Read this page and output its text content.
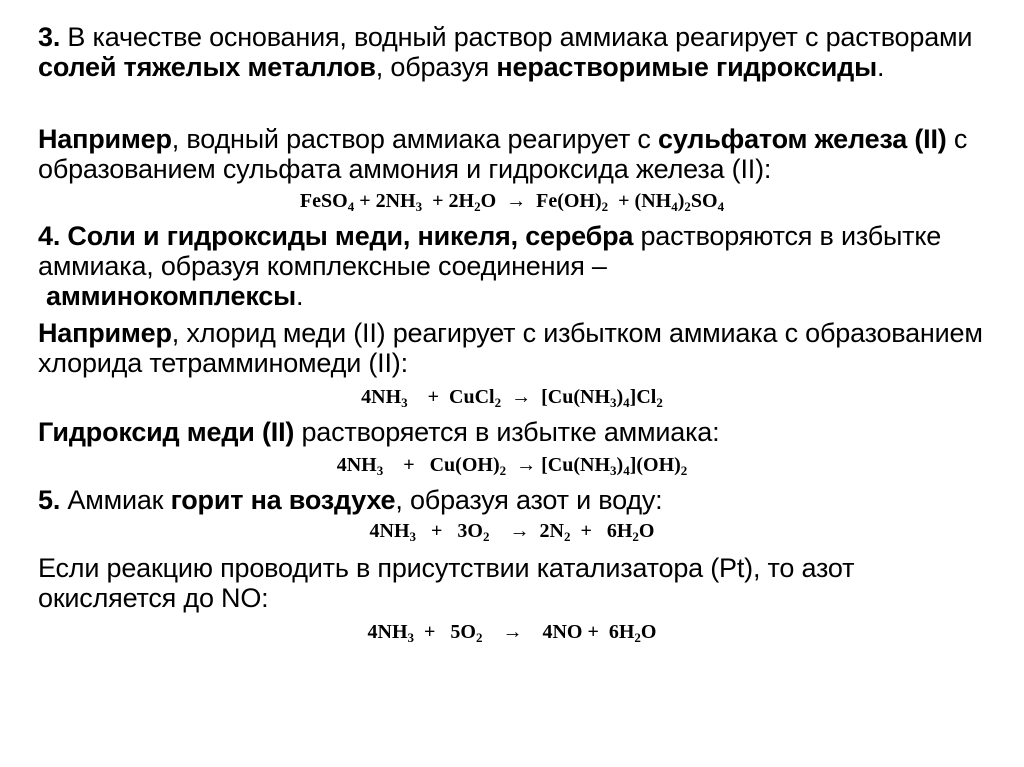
3. В качестве основания, водный раствор аммиака реагирует с растворами солей тяжелых металлов, образуя нерастворимые гидроксиды.

Например, водный раствор аммиака реагирует с сульфатом железа (II) с образованием сульфата аммония и гидроксида железа (II):

FeSO$_4$ + $2NH_3 + 2H_2O \to Fe(OH)_2 + (NH_4)_2SO_4$

4. Соли и гидроксиды меди, никеля, серебра растворяются в избытке аммиака, образуя комплексные соединения –
амминокомплексы.

Например, хлорид меди (II) реагирует с избытком аммиака с образованием хлорида тетрамминомеди (II):

$4NH_3$    +  CuCl$_2$  →  $[Cu(NH_3)_4]Cl_2$

Гидроксид меди (II) растворяется в избытке аммиака:

$4NH_3$    +   $Cu(OH)_2 \to [Cu(NH_3)_4](OH)_2$

5. Аммиак горит на воздухе, образуя азот и воду:

$4NH_3 + 3O_2$    →  $2N_2 + 6H_2O$

Если реакцию проводить в присутствии катализатора (Pt), то азот окисляется до NO:

$4NH_3 + 5O_2$    →    $4NO + 6H_2O$
